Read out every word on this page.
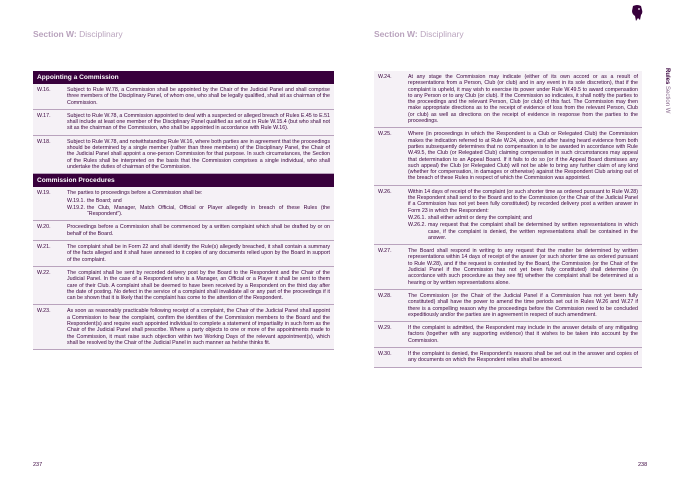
Section W: Disciplinary	Section W: Disciplinary
Appointing a Commission
W.16.	Subject to Rule W.78, a Commission shall be appointed by the Chair of the Judicial Panel and shall comprise three members of the Disciplinary Panel, of whom one, who shall be legally qualified, shall sit as chairman of the Commission.
W.17.	Subject to Rule W.78, a Commission appointed to deal with a suspected or alleged breach of Rules E.45 to E.51 shall include at least one member of the Disciplinary Panel qualified as set out in Rule W.15.4 (but who shall not sit as the chairman of the Commission, who shall be appointed in accordance with Rule W.16).
W.18.	Subject to Rule W.78, and notwithstanding Rule W.16, where both parties are in agreement that the proceedings should be determined by a single member (rather than three members) of the Disciplinary Panel, the Chair of the Judicial Panel shall appoint a one-person Commission for that purpose. In such circumstances, the Section of the Rules shall be interpreted on the basis that the Commission comprises a single individual, who shall undertake the duties of chairman of the Commission.
Commission Procedures
W.19.	The parties to proceedings before a Commission shall be:
W.19.1. the Board; and
W.19.2. the Club, Manager, Match Official, Official or Player allegedly in breach of these Rules (the “Respondent”).
W.20.	Proceedings before a Commission shall be commenced by a written complaint which shall be drafted by or on behalf of the Board.
W.21.	The complaint shall be in Form 22 and shall identify the Rule(s) allegedly breached, it shall contain a summary of the facts alleged and it shall have annexed to it copies of any documents relied upon by the Board in support of the complaint.
W.22.	The complaint shall be sent by recorded delivery post by the Board to the Respondent and the Chair of the Judicial Panel. In the case of a Respondent who is a Manager, an Official or a Player it shall be sent to them care of their Club. A complaint shall be deemed to have been received by a Respondent on the third day after the date of posting. No defect in the service of a complaint shall invalidate all or any part of the proceedings if it can be shown that it is likely that the complaint has come to the attention of the Respondent.
W.23.	As soon as reasonably practicable following receipt of a complaint, the Chair of the Judicial Panel shall appoint a Commission to hear the complaint, confirm the identities of the Commission members to the Board and the Respondent(s) and require each appointed individual to complete a statement of impartiality in such form as the Chair of the Judicial Panel shall prescribe. Where a party objects to one or more of the appointments made to the Commission, it must raise such objection within two Working Days of the relevant appointment(s), which shall be resolved by the Chair of the Judicial Panel in such manner as he/she thinks fit.
W.24.	At any stage the Commission may indicate (either of its own accord or as a result of representations from a Person, Club (or club) and in any event in its sole discretion), that if the complaint is upheld, it may wish to exercise its power under Rule W.49.5 to award compensation to any Person or to any Club (or club). If the Commission so indicates, it shall notify the parties to the proceedings and the relevant Person, Club (or club) of this fact. The Commission may then make appropriate directions as to the receipt of evidence of loss from the relevant Person, Club (or club) as well as directions on the receipt of evidence in response from the parties to the proceedings.
W.25.	Where (in proceedings in which the Respondent is a Club or Relegated Club) the Commission makes the indication referred to at Rule W.24, above, and after having heard evidence from both parties subsequently determines that no compensation is to be awarded in accordance with Rule W.49.5, the Club (or Relegated Club) claiming compensation in such circumstances may appeal that determination to an Appeal Board. If it fails to do so (or if the Appeal Board dismisses any such appeal) the Club (or Relegated Club) will not be able to bring any further claim of any kind (whether for compensation, in damages or otherwise) against the Respondent Club arising out of the breach of these Rules in respect of which the Commission was appointed.
W.26.	Within 14 days of receipt of the complaint (or such shorter time as ordered pursuant to Rule W.28) the Respondent shall send to the Board and to the Commission (or the Chair of the Judicial Panel if a Commission has not yet been fully constituted) by recorded delivery post a written answer in Form 23 in which the Respondent:
W.26.1. shall either admit or deny the complaint; and
W.26.2. may request that the complaint shall be determined by written representations in which case, if the complaint is denied, the written representations shall be contained in the answer.
W.27.	The Board shall respond in writing to any request that the matter be determined by written representations within 14 days of receipt of the answer (or such shorter time as ordered pursuant to Rule W.28), and if the request is contested by the Board, the Commission (or the Chair of the Judicial Panel if the Commission has not yet been fully constituted) shall determine (in accordance with such procedure as they see fit) whether the complaint shall be determined at a hearing or by written representations alone.
W.28.	The Commission (or the Chair of the Judicial Panel if a Commission has not yet been fully constituted) shall have the power to amend the time periods set out in Rules W.26 and W.27 if there is a compelling reason why the proceedings before the Commission need to be concluded expeditiously and/or the parties are in agreement in respect of such amendment.
W.29.	If the complaint is admitted, the Respondent may include in the answer details of any mitigating factors (together with any supporting evidence) that it wishes to be taken into account by the Commission.
W.30.	If the complaint is denied, the Respondent’s reasons shall be set out in the answer and copies of any documents on which the Respondent relies shall be annexed.
Rules Section W
237	238
